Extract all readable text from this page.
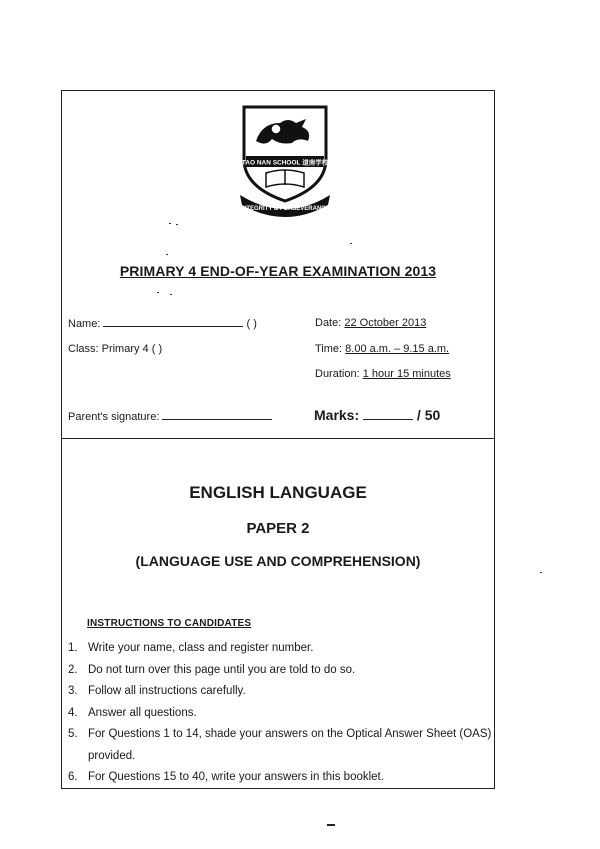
TAO NAN SCHOOL 道南学校
INTEGRITY & PERSEVERANCE
PRIMARY 4 END-OF-YEAR EXAMINATION 2013
Name:	( )
Class: Primary 4 ( )
Date: 22 October 2013
Time: 8.00 a.m. – 9.15 a.m.
Duration: 1 hour 15 minutes
Parent's signature:	Marks:	/ 50
ENGLISH LANGUAGE
PAPER 2
(LANGUAGE USE AND COMPREHENSION)
INSTRUCTIONS TO CANDIDATES
1. Write your name, class and register number.
2. Do not turn over this page until you are told to do so.
3. Follow all instructions carefully.
4. Answer all questions.
5. For Questions 1 to 14, shade your answers on the Optical Answer Sheet (OAS) provided.
6. For Questions 15 to 40, write your answers in this booklet.
